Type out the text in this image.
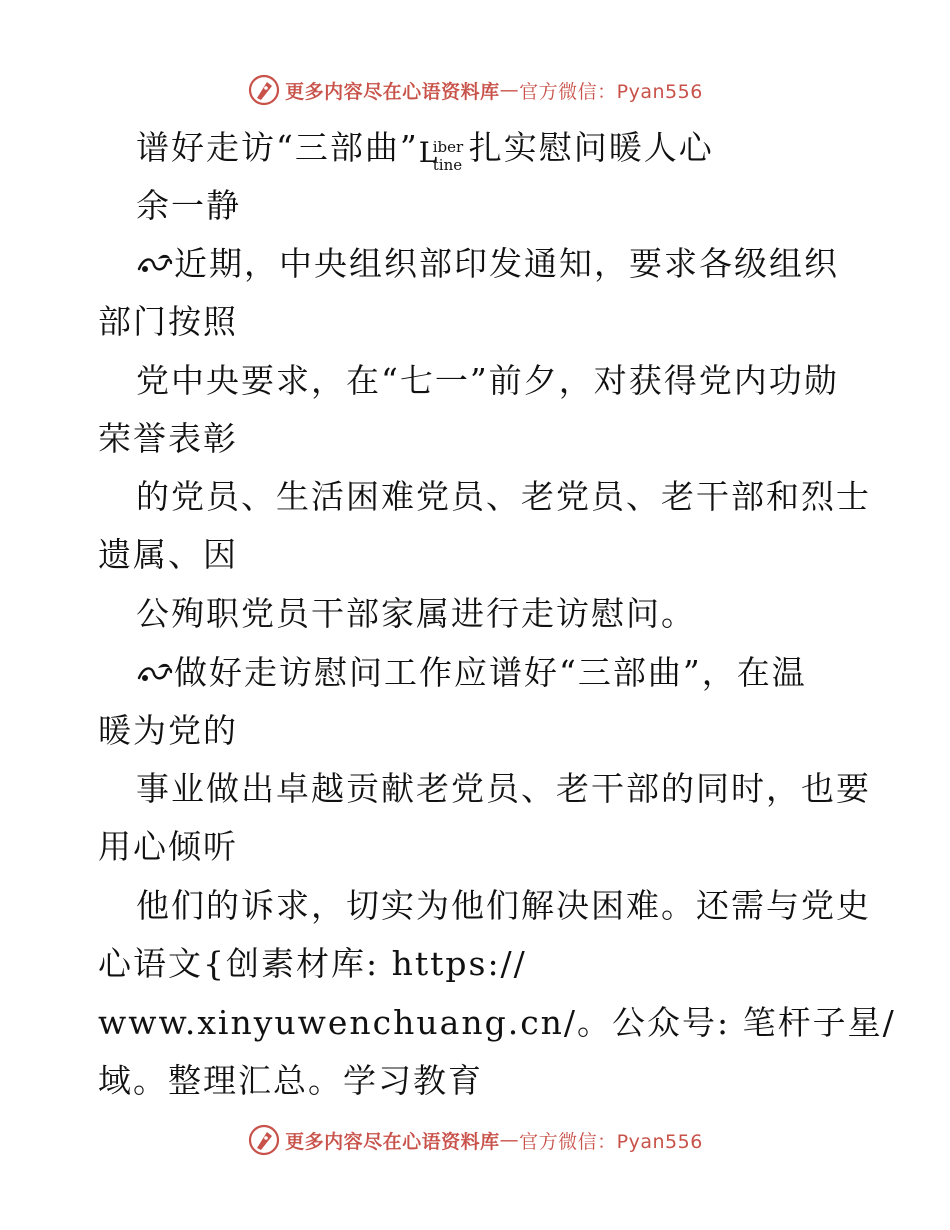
更多内容尽在心语资料库 — 官方微信：Pyan556
谱好走访“三部曲” L
iber
tine 扎实慰问暖人心
余一静
近期，中央组织部印发通知，要求各级组织
部门按照
党中央要求，在“七一”前夕，对获得党内功勋
荣誉表彰
的党员、生活困难党员、老党员、老干部和烈士
遗属、因
公殉职党员干部家属进行走访慰问。
做好走访慰问工作应谱好“三部曲”，在温
暖为党的
事业做出卓越贡献老党员、老干部的同时，也要
用心倾听
他们的诉求，切实为他们解决困难。还需与党史
心语文{创素材库: https://
www.xinyuwenchuang.cn/。公众号: 笔杆子星/
域。整理汇总。学习教育
更多内容尽在心语资料库 — 官方微信：Pyan556
